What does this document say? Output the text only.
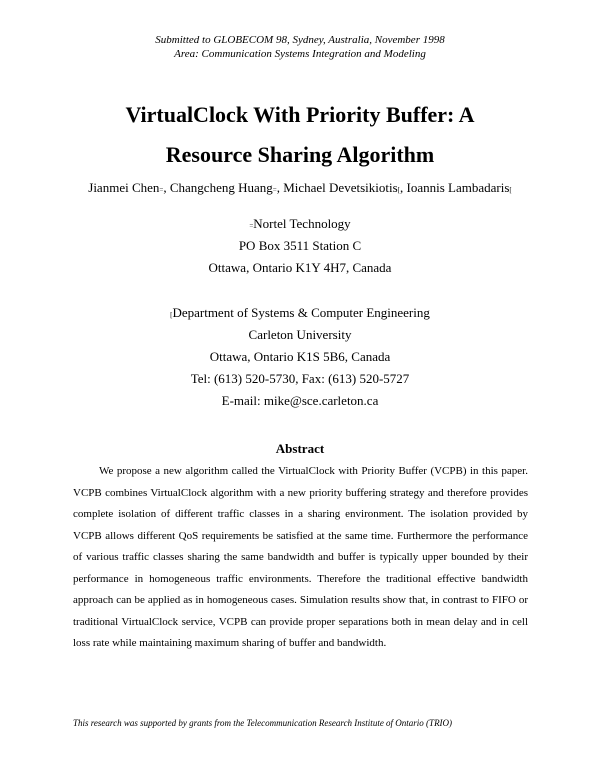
Submitted to GLOBECOM 98, Sydney, Australia, November 1998
Area: Communication Systems Integration and Modeling
VirtualClock With Priority Buffer: A
Resource Sharing Algorithm
Jianmei Chen=, Changcheng Huang=, Michael Devetsikiotis[, Ioannis Lambadaris[
=Nortel Technology
PO Box 3511 Station C
Ottawa, Ontario K1Y 4H7, Canada
[Department of Systems & Computer Engineering
Carleton University
Ottawa, Ontario K1S 5B6, Canada
Tel: (613) 520-5730, Fax: (613) 520-5727
E-mail: mike@sce.carleton.ca
Abstract
We propose a new algorithm called the VirtualClock with Priority Buffer (VCPB) in this paper. VCPB combines VirtualClock algorithm with a new priority buffering strategy and therefore provides complete isolation of different traffic classes in a sharing environment. The isolation provided by VCPB allows different QoS requirements be satisfied at the same time. Furthermore the performance of various traffic classes sharing the same bandwidth and buffer is typically upper bounded by their performance in homogeneous traffic environments. Therefore the traditional effective bandwidth approach can be applied as in homogeneous cases. Simulation results show that, in contrast to FIFO or traditional VirtualClock service, VCPB can provide proper separations both in mean delay and in cell loss rate while maintaining maximum sharing of buffer and bandwidth.
This research was supported by grants from the Telecommunication Research Institute of Ontario (TRIO)
